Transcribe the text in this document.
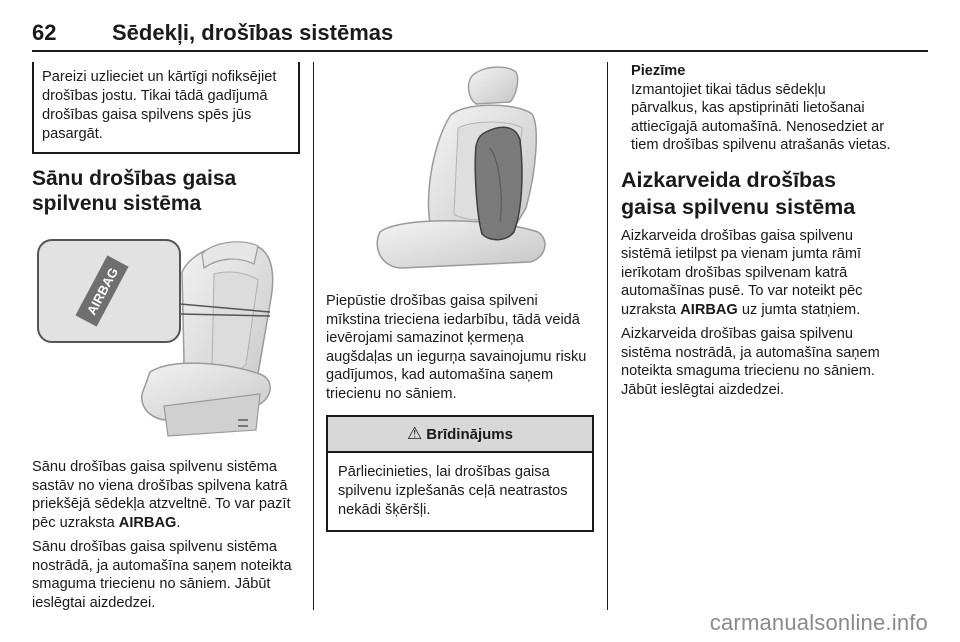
62	Sēdekļi, drošības sistēmas
Pareizi uzlieciet un kārtīgi nofiksējiet drošības jostu. Tikai tādā gadījumā drošības gaisa spilvens spēs jūs pasargāt.
Sānu drošības gaisa spilvenu sistēma
AIRBAG

Sānu drošības gaisa spilvenu sistēma sastāv no viena drošības spilvena katrā priekšējā sēdekļa atzveltnē. To var pazīt pēc uzraksta AIRBAG.

Sānu drošības gaisa spilvenu sistēma nostrādā, ja automašīna saņem noteikta smaguma triecienu no sāniem. Jābūt ieslēgtai aizdedzei.

Piepūstie drošības gaisa spilveni mīkstina trieciena iedarbību, tādā veidā ievērojami samazinot ķermeņa augšdaļas un iegurņa savainojumu risku gadījumos, kad automašīna saņem triecienu no sāniem.

⚠ Brīdinājums
Pārliecinieties, lai drošības gaisa spilvenu izplešanās ceļā neatrastos nekādi šķēršļi.
Piezīme

Izmantojiet tikai tādus sēdekļu pārvalkus, kas apstiprināti lietošanai attiecīgajā automašīnā. Nenosedziet ar tiem drošības spilvenu atrašanās vietas.

Aizkarveida drošības gaisa spilvenu sistēma

Aizkarveida drošības gaisa spilvenu sistēmā ietilpst pa vienam jumta rāmī ierīkotam drošības spilvenam katrā automašīnas pusē. To var noteikt pēc uzraksta AIRBAG uz jumta statņiem.

Aizkarveida drošības gaisa spilvenu sistēma nostrādā, ja automašīna saņem noteikta smaguma triecienu no sāniem. Jābūt ieslēgtai aizdedzei.

carmanualsonline.info
